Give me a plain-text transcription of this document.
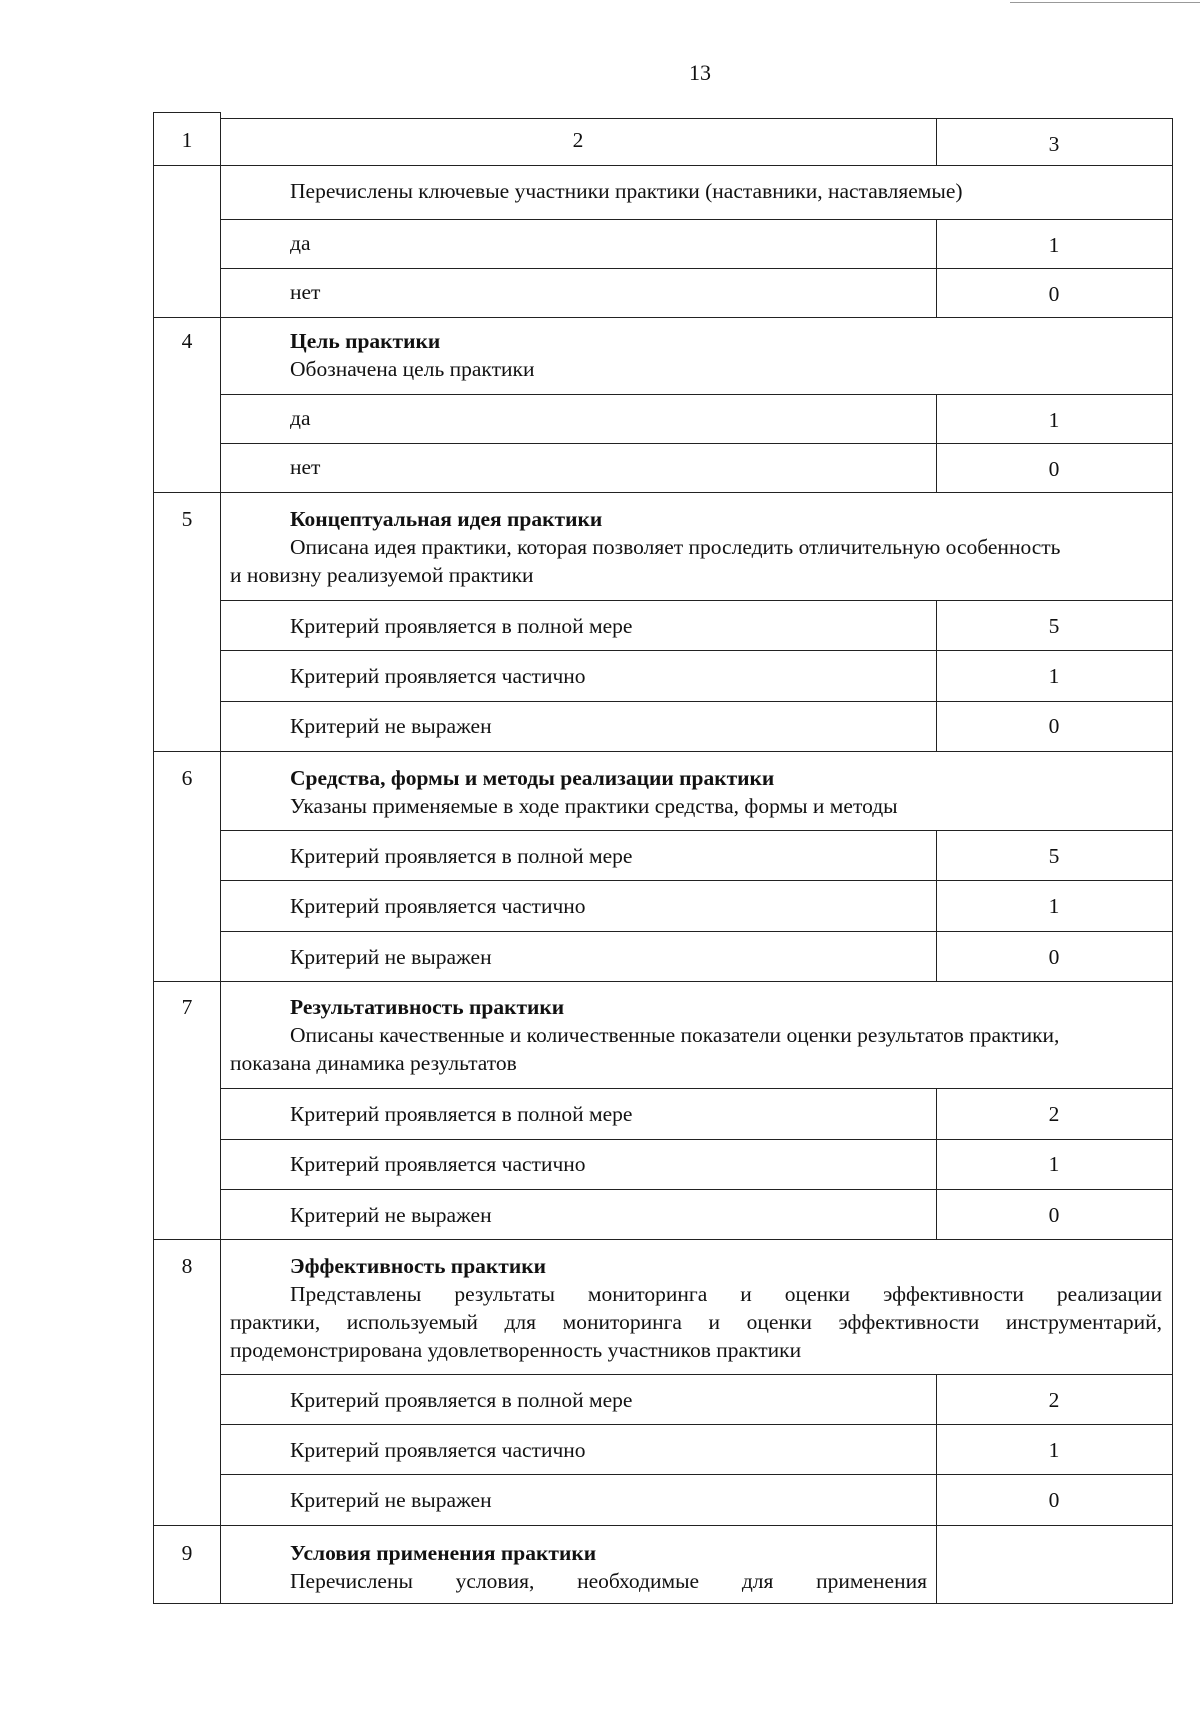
13
1	2	3
Перечислены ключевые участники практики (наставники, наставляемые)
да	1
нет	0
4	Цель практики
Обозначена цель практики
да	1
нет	0
5	Концептуальная идея практики
Описана идея практики, которая позволяет проследить отличительную особенность
и новизну реализуемой практики
Критерий проявляется в полной мере	5
Критерий проявляется частично	1
Критерий не выражен	0
6	Средства, формы и методы реализации практики
Указаны применяемые в ходе практики средства, формы и методы
Критерий проявляется в полной мере	5
Критерий проявляется частично	1
Критерий не выражен	0
7	Результативность практики
Описаны качественные и количественные показатели оценки результатов практики,
показана динамика результатов
Критерий проявляется в полной мере	2
Критерий проявляется частично	1
Критерий не выражен	0
8	Эффективность практики
Представлены результаты мониторинга и оценки эффективности реализации
практики, используемый для мониторинга и оценки эффективности инструментарий,
продемонстрирована удовлетворенность участников практики
Критерий проявляется в полной мере	2
Критерий проявляется частично	1
Критерий не выражен	0
9	Условия применения практики
Перечислены условия, необходимые для применения
